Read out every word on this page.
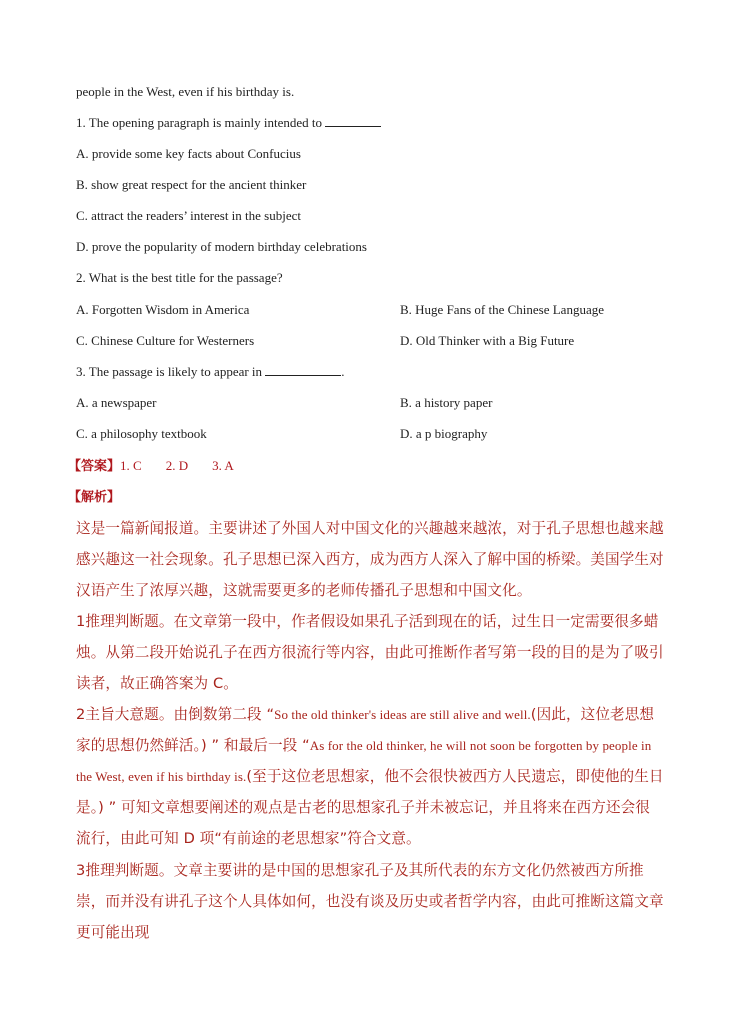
people in the West, even if his birthday is.
1. The opening paragraph is mainly intended to
A. provide some key facts about Confucius
B. show great respect for the ancient thinker
C. attract the readers’ interest in the subject
D. prove the popularity of modern birthday celebrations
2. What is the best title for the passage?
A. Forgotten Wisdom in America	B. Huge Fans of the Chinese Language
C. Chinese Culture for Westerners	D. Old Thinker with a Big Future
3. The passage is likely to appear in	.
A. a newspaper	B. a history paper
C. a philosophy textbook	D. a p biography
【答案】1. C 2. D 3. A
【解析】
这是一篇新闻报道。主要讲述了外国人对中国文化的兴趣越来越浓，对于孔子思想也越来越感兴趣这一社会现象。孔子思想已深入西方，成为西方人深入了解中国的桥梁。美国学生对汉语产生了浓厚兴趣，这就需要更多的老师传播孔子思想和中国文化。
1推理判断题。在文章第一段中，作者假设如果孔子活到现在的话，过生日一定需要很多蜡烛。从第二段开始说孔子在西方很流行等内容，由此可推断作者写第一段的目的是为了吸引读者，故正确答案为 C。
2主旨大意题。由倒数第二段 “So the old thinker's ideas are still alive and well.(因此，这位老思想家的思想仍然鲜活。) ” 和最后一段 “As for the old thinker, he will not soon be forgotten by people in the West, even if his birthday is.(至于这位老思想家，他不会很快被西方人民遗忘，即使他的生日是。) ” 可知文章想要阐述的观点是古老的思想家孔子并未被忘记，并且将来在西方还会很流行，由此可知 D 项“有前途的老思想家”符合文意。
3推理判断题。文章主要讲的是中国的思想家孔子及其所代表的东方文化仍然被西方所推崇，而并没有讲孔子这个人具体如何，也没有谈及历史或者哲学内容，由此可推断这篇文章更可能出现
